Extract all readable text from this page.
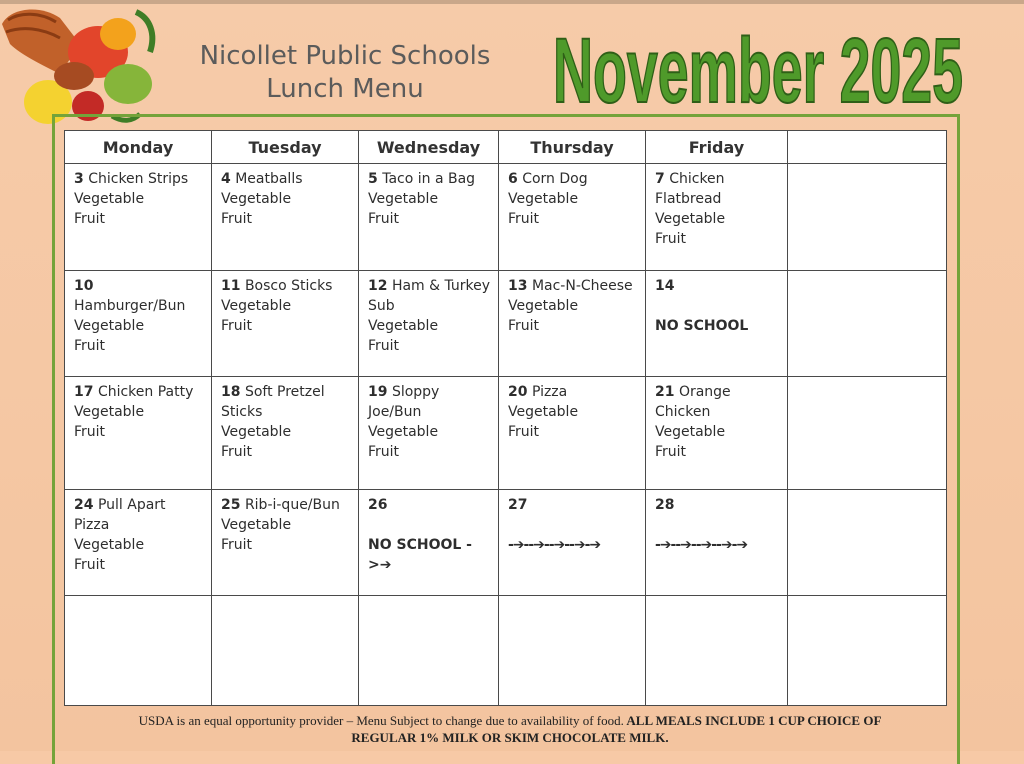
Nicollet Public Schools
Lunch Menu	November 2025
Monday	Tuesday	Wednesday	Thursday	Friday	

3 Chicken Strips
Vegetable
Fruit	4 Meatballs
Vegetable
Fruit	5 Taco in a Bag
Vegetable
Fruit	6 Corn Dog
Vegetable
Fruit	7 Chicken
Flatbread
Vegetable
Fruit	

10 Hamburger/Bun
Vegetable
Fruit	11 Bosco Sticks
Vegetable
Fruit	12 Ham & Turkey
Sub
Vegetable
Fruit	13 Mac-N-Cheese
Vegetable
Fruit	14
NO SCHOOL	

17 Chicken Patty
Vegetable
Fruit	18 Soft Pretzel
Sticks
Vegetable
Fruit	19 Sloppy Joe/Bun
Vegetable
Fruit	20 Pizza
Vegetable
Fruit	21 Orange Chicken
Vegetable
Fruit	

24 Pull Apart Pizza
Vegetable
Fruit	25 Rib-i-que/Bun
Vegetable
Fruit	26
NO SCHOOL ->➔	27
-➔--➔--➔--➔-➔	28
-➔--➔--➔--➔-➔	

USDA is an equal opportunity provider – Menu Subject to change due to availability of food. ALL MEALS INCLUDE 1 CUP CHOICE OF REGULAR 1% MILK OR SKIM CHOCOLATE MILK.
